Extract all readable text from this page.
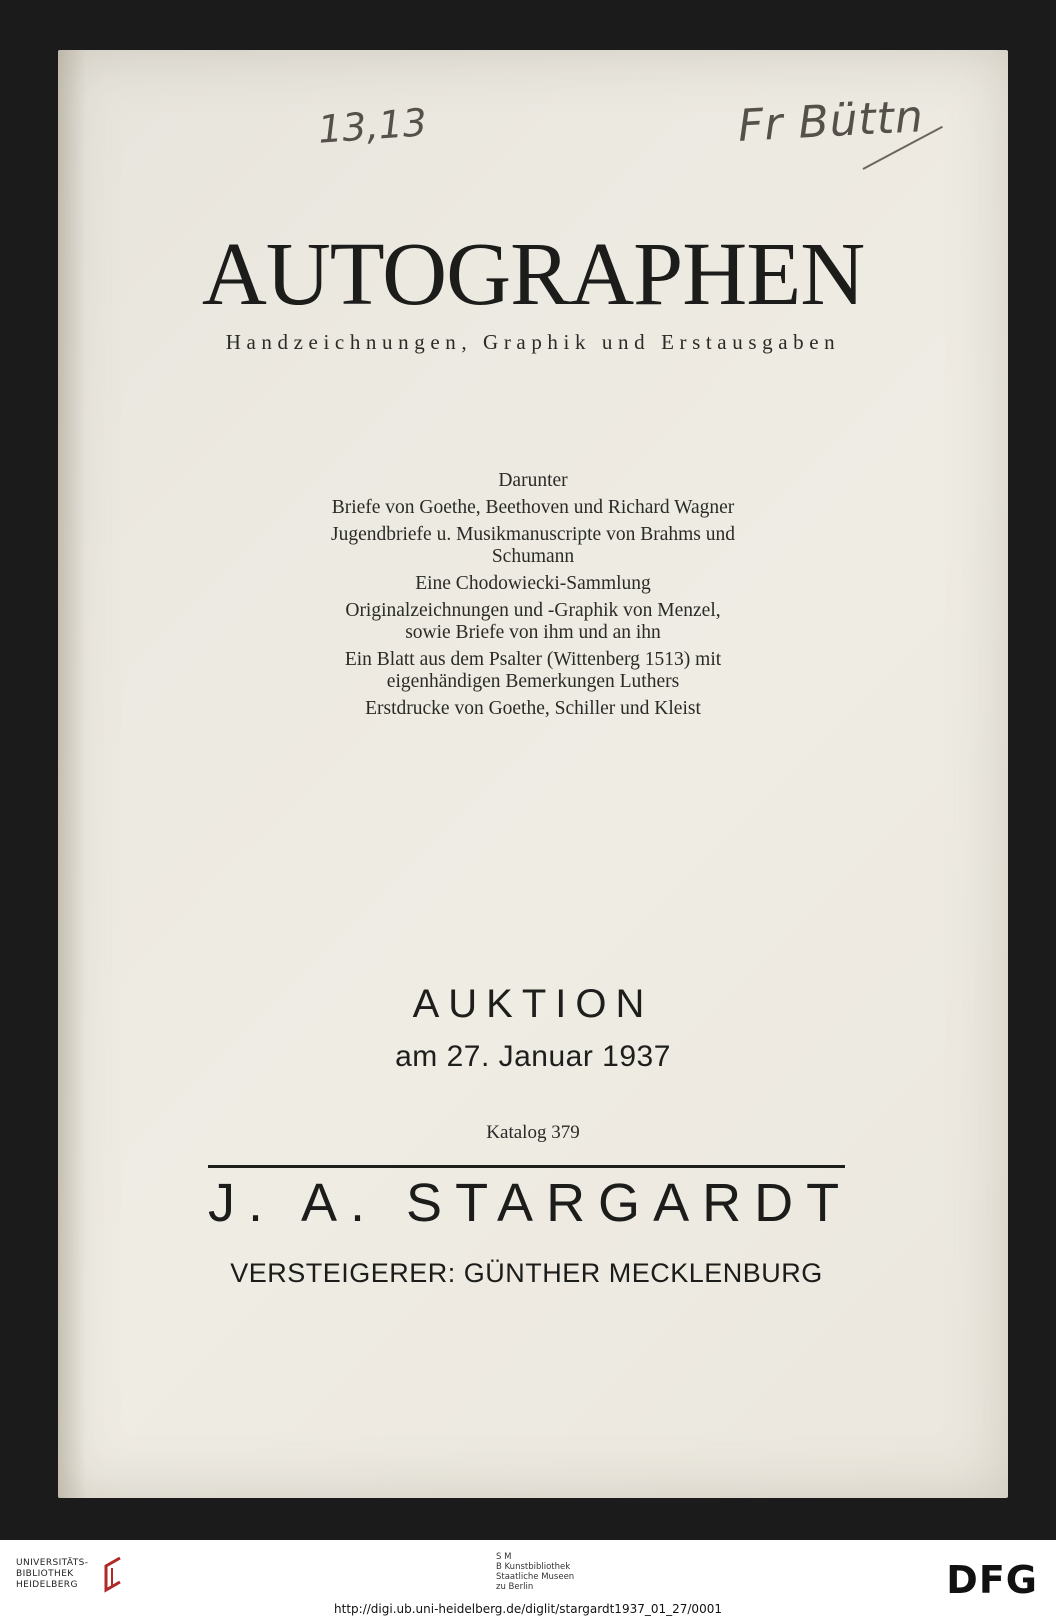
13,13	Fr Büttn
AUTOGRAPHEN
Handzeichnungen, Graphik und Erstausgaben
Darunter
Briefe von Goethe, Beethoven und Richard Wagner
Jugendbriefe u. Musikmanuscripte von Brahms und Schumann
Eine Chodowiecki-Sammlung
Originalzeichnungen und -Graphik von Menzel, sowie Briefe von ihm und an ihn
Ein Blatt aus dem Psalter (Wittenberg 1513) mit eigenhändigen Bemerkungen Luthers
Erstdrucke von Goethe, Schiller und Kleist
AUKTION
am 27. Januar 1937
Katalog 379
J. A. STARGARDT
VERSTEIGERER: GÜNTHER MECKLENBURG
UNIVERSITÄTS-
BIBLIOTHEK
HEIDELBERG
S M
B Kunstbibliothek
Staatliche Museen
zu Berlin	DFG
http://digi.ub.uni-heidelberg.de/diglit/stargardt1937_01_27/0001
